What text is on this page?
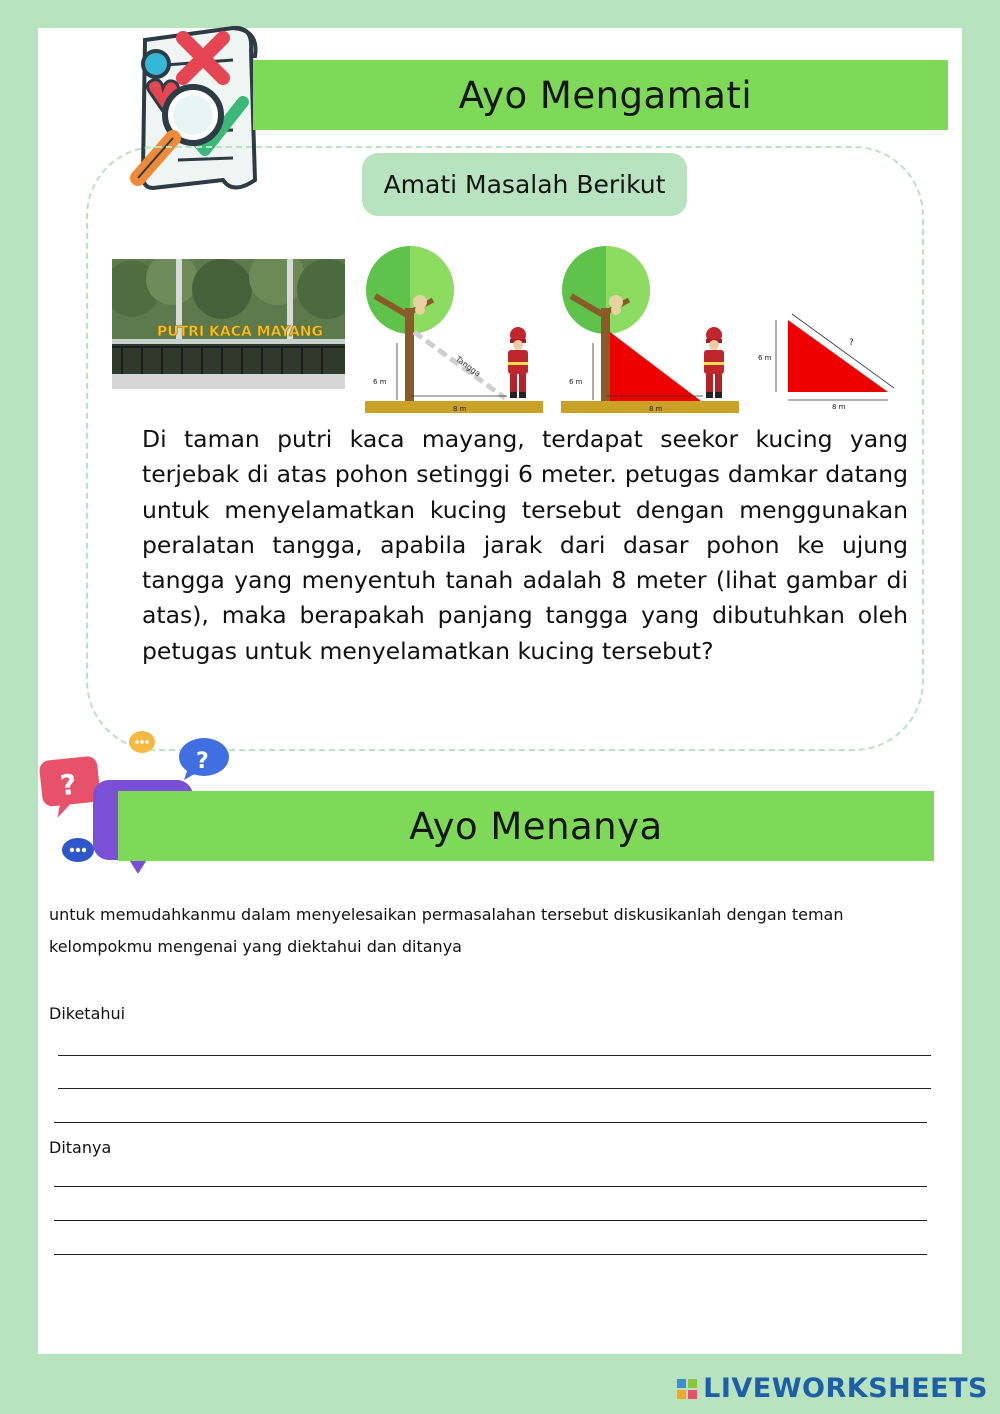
Ayo Mengamati
Amati Masalah Berikut
PUTRI KACA MAYANG
Tangga
6 m
8 m
6 m
8 m
6 m
?
8 m

Di taman putri kaca mayang, terdapat seekor kucing yang terjebak di atas pohon setinggi 6 meter. petugas damkar datang untuk menyelamatkan kucing tersebut dengan menggunakan peralatan tangga, apabila jarak dari dasar pohon ke ujung tangga yang menyentuh tanah adalah 8 meter (lihat gambar di atas), maka berapakah panjang tangga yang dibutuhkan oleh petugas untuk menyelamatkan kucing tersebut?

?
?
Ayo Menanya

untuk memudahkanmu dalam menyelesaikan permasalahan tersebut diskusikanlah dengan teman
kelompokmu mengenai yang diektahui dan ditanya

Diketahui

Ditanya

LIVEWORKSHEETS
